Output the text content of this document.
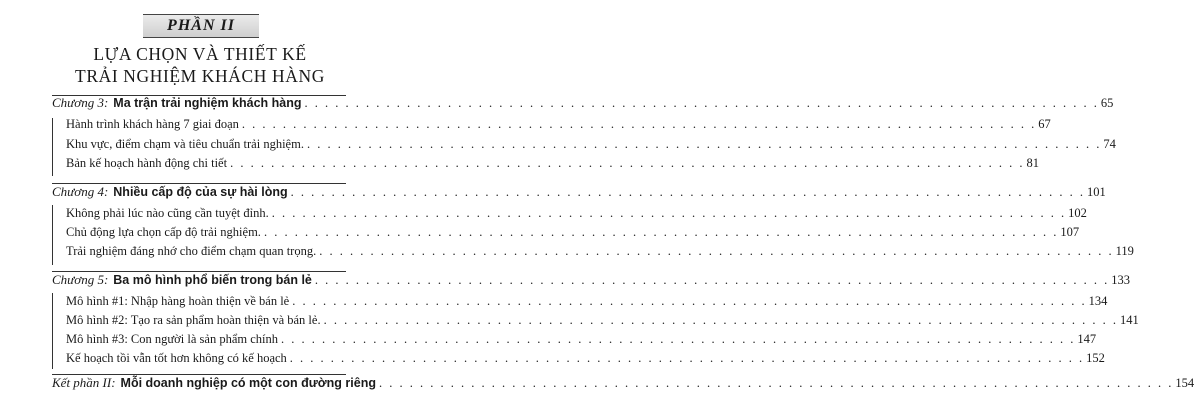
PHẦN II
LỰA CHỌN VÀ THIẾT KẾ
TRẢI NGHIỆM KHÁCH HÀNG
Chương 3: Ma trận trải nghiệm khách hàng . . .	65
Hành trình khách hàng 7 giai đoạn . . .	67
Khu vực, điểm chạm và tiêu chuẩn trải nghiệm. . . .	74
Bản kế hoạch hành động chi tiết . . .	81
Chương 4: Nhiều cấp độ của sự hài lòng . . .	101
Không phải lúc nào cũng cần tuyệt đỉnh. . . .	102
Chủ động lựa chọn cấp độ trải nghiệm. . . .	107
Trải nghiệm đáng nhớ cho điểm chạm quan trọng. . . .	119
Chương 5: Ba mô hình phổ biến trong bán lẻ . . .	133
Mô hình #1: Nhập hàng hoàn thiện về bán lẻ . . .	134
Mô hình #2: Tạo ra sản phẩm hoàn thiện và bán lẻ. . . .	141
Mô hình #3: Con người là sản phẩm chính . . .	147
Kế hoạch tồi vẫn tốt hơn không có kế hoạch . . .	152
Kết phần II: Mỗi doanh nghiệp có một con đường riêng . . .	154
